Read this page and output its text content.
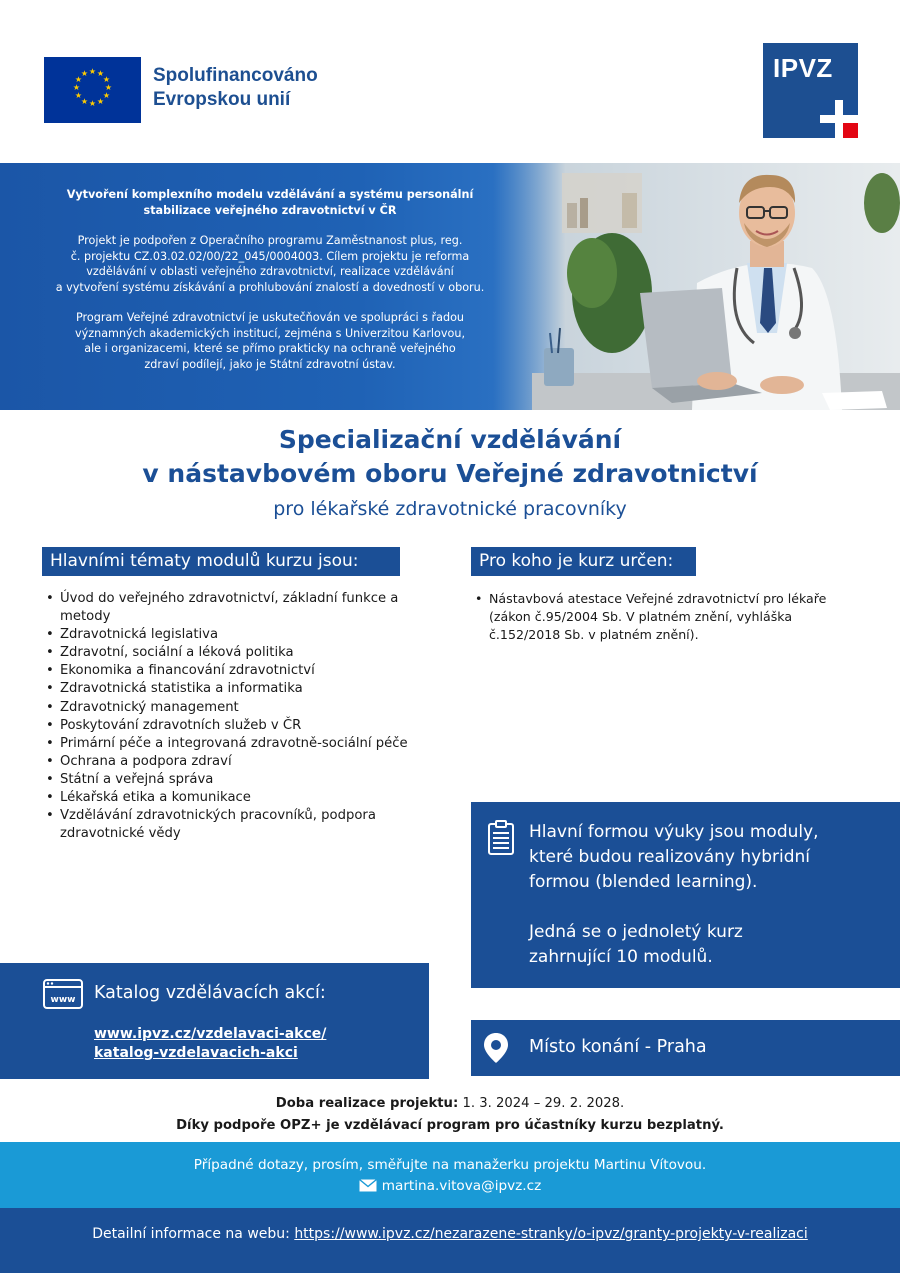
★ ★
★
★
★
★
★
★
★
★
★
★	Spolufinancováno
Evropskou unií
IPVZ
Vytvoření komplexního modelu vzdělávání a systému personální
stabilizace veřejného zdravotnictví v ČR
Projekt je podpořen z Operačního programu Zaměstnanost plus, reg.
č. projektu CZ.03.02.02/00/22_045/0004003. Cílem projektu je reforma
vzdělávání v oblasti veřejného zdravotnictví, realizace vzdělávání
a vytvoření systému získávání a prohlubování znalostí a dovedností v oboru.
Program Veřejné zdravotnictví je uskutečňován ve spolupráci s řadou
významných akademických institucí, zejména s Univerzitou Karlovou,
ale i organizacemi, které se přímo prakticky na ochraně veřejného
zdraví podílejí, jako je Státní zdravotní ústav.
Specializační vzdělávání
v nástavbovém oboru Veřejné zdravotnictví
pro lékařské zdravotnické pracovníky
Hlavními tématy modulů kurzu jsou:
• Úvod do veřejného zdravotnictví, základní funkce a metody
• Zdravotnická legislativa
• Zdravotní, sociální a léková politika
• Ekonomika a financování zdravotnictví
• Zdravotnická statistika a informatika
• Zdravotnický management
• Poskytování zdravotních služeb v ČR
• Primární péče a integrovaná zdravotně-sociální péče
• Ochrana a podpora zdraví
• Státní a veřejná správa
• Lékařská etika a komunikace
• Vzdělávání zdravotnických pracovníků, podpora zdravotnické vědy
Pro koho je kurz určen:
• Nástavbová atestace Veřejné zdravotnictví pro lékaře (zákon č.95/2004 Sb. V platném znění, vyhláška č.152/2018 Sb. v platném znění).
Hlavní formou výuky jsou moduly, které budou realizovány hybridní formou (blended learning).
Jedná se o jednoletý kurz zahrnující 10 modulů.
www Katalog vzdělávacích akcí:
www.ipvz.cz/vzdelavaci-akce/
katalog-vzdelavacich-akci	Místo konání - Praha
Doba realizace projektu: 1. 3. 2024 – 29. 2. 2028.
Díky podpoře OPZ+ je vzdělávací program pro účastníky kurzu bezplatný.
Případné dotazy, prosím, směřujte na manažerku projektu Martinu Vítovou.
martina.vitova@ipvz.cz
Detailní informace na webu: https://www.ipvz.cz/nezarazene-stranky/o-ipvz/granty-projekty-v-realizaci
